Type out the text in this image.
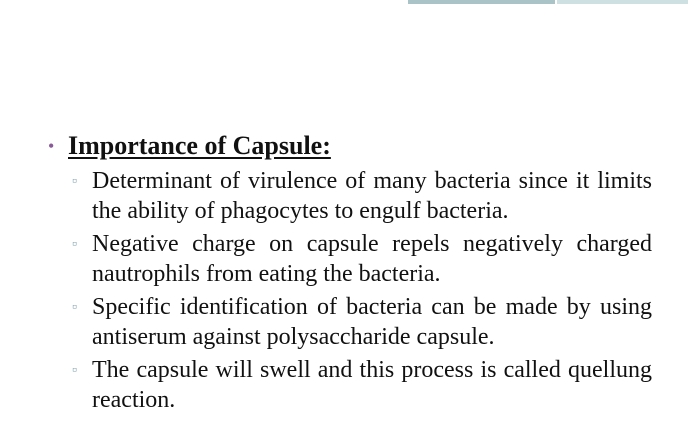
• Importance of Capsule:
▫ Determinant of virulence of many bacteria since it limits the ability of phagocytes to engulf bacteria.
▫ Negative charge on capsule repels negatively charged nautrophils from eating the bacteria.
▫ Specific identification of bacteria can be made by using antiserum against polysaccharide capsule.
▫ The capsule will swell and this process is called quellung reaction.
